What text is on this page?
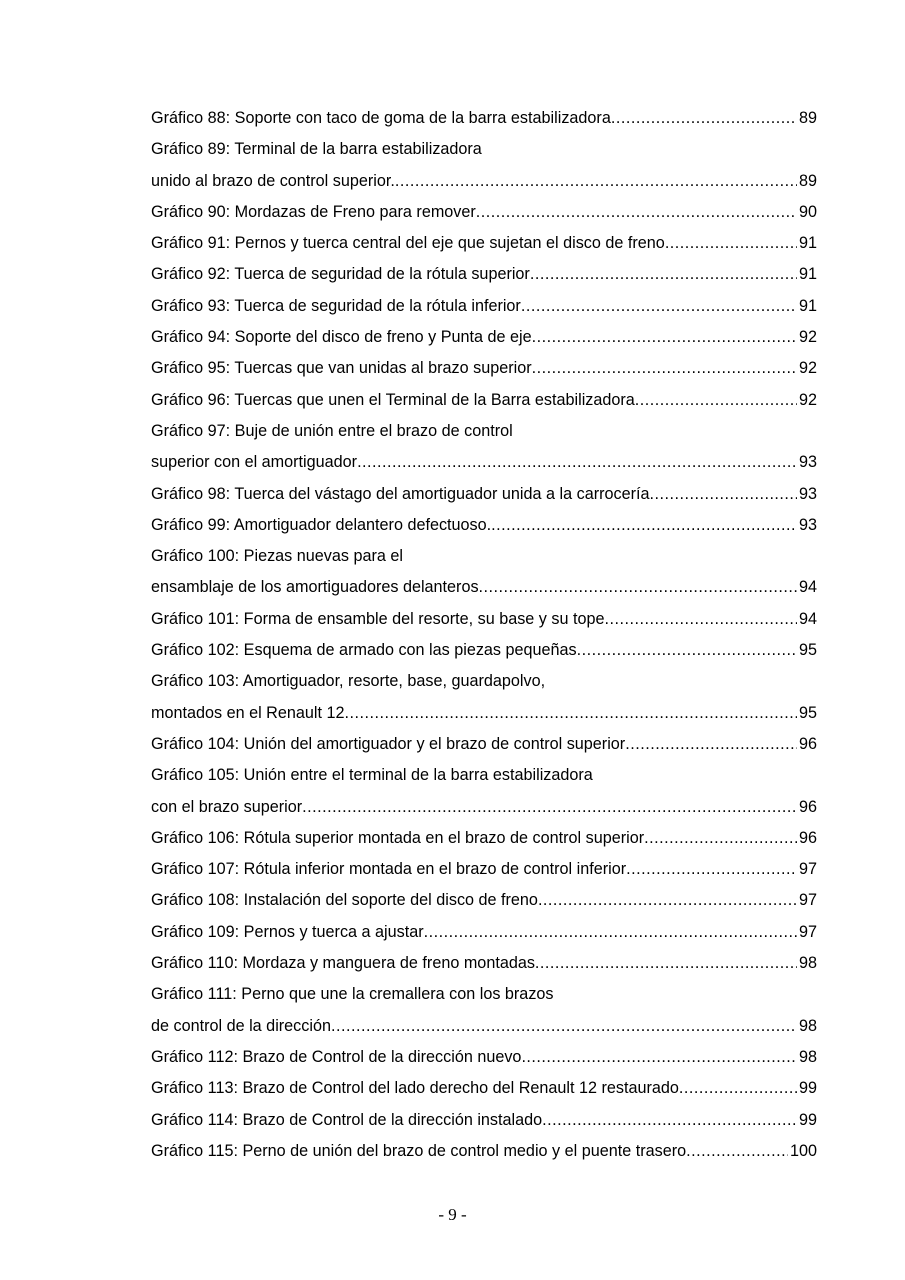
Gráfico 88: Soporte con taco de goma de la barra estabilizadora .....	89
Gráfico 89: Terminal de la barra estabilizadora
unido al brazo de control superior. .....	89
Gráfico 90: Mordazas de Freno para remover .....	90
Gráfico 91: Pernos y tuerca central del eje que sujetan el disco de freno .....	91
Gráfico 92: Tuerca de seguridad de la rótula superior .....	91
Gráfico 93: Tuerca de seguridad de la rótula inferior .....	91
Gráfico 94: Soporte del disco de freno y Punta de eje .....	92
Gráfico 95: Tuercas que van unidas al brazo superior .....	92
Gráfico 96: Tuercas que unen el Terminal de la Barra estabilizadora .....	92
Gráfico 97: Buje de unión entre el brazo de control
superior con el amortiguador .....	93
Gráfico 98: Tuerca del vástago del amortiguador unida a la carrocería .....	93
Gráfico 99: Amortiguador delantero defectuoso. .....	93
Gráfico 100: Piezas nuevas para el
ensamblaje de los amortiguadores delanteros .....	94
Gráfico 101: Forma de ensamble del resorte, su base y su tope .....	94
Gráfico 102: Esquema de armado con las piezas pequeñas .....	95
Gráfico 103: Amortiguador, resorte, base, guardapolvo,
montados en el Renault 12 .....	95
Gráfico 104: Unión del amortiguador y el brazo de control superior .....	96
Gráfico 105: Unión entre el terminal de la barra estabilizadora
con el brazo superior .....	96
Gráfico 106: Rótula superior montada en el brazo de control superior .....	96
Gráfico 107: Rótula inferior montada en el brazo de control inferior .....	97
Gráfico 108: Instalación del soporte del disco de freno .....	97
Gráfico 109: Pernos y tuerca a ajustar .....	97
Gráfico 110: Mordaza y manguera de freno montadas .....	98
Gráfico 111: Perno que une la cremallera con los brazos
de control de la dirección .....	98
Gráfico 112: Brazo de Control de la dirección nuevo .....	98
Gráfico 113: Brazo de Control del lado derecho del Renault 12 restaurado .....	99
Gráfico 114: Brazo de Control de la dirección instalado .....	99
Gráfico 115: Perno de unión del brazo de control medio y el puente trasero .....	100
- 9 -
